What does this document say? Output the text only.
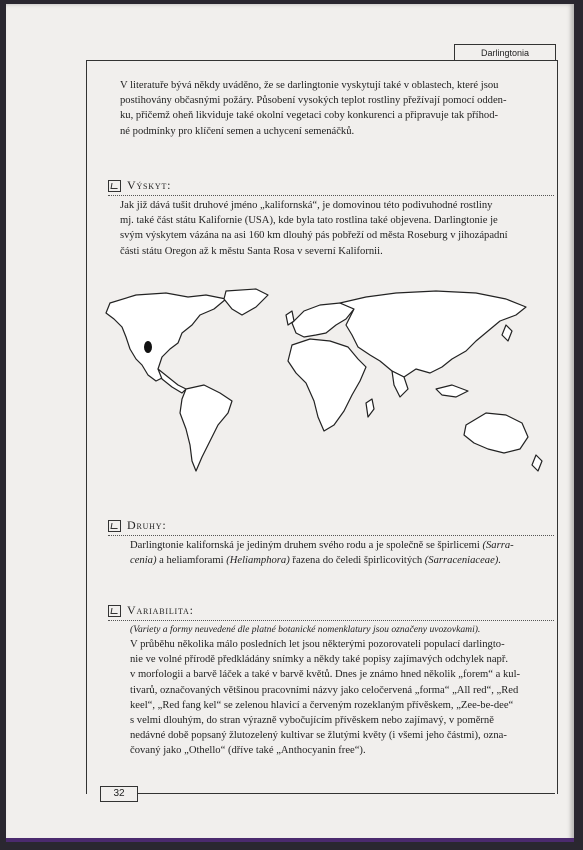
Darlingtonia
V literatuře bývá někdy uváděno, že se darlingtonie vyskytují také v oblastech, které jsou
postihovány občasnými požáry. Působení vysokých teplot rostliny přežívají pomocí odden-
ku, přičemž oheň likviduje také okolní vegetaci coby konkurenci a připravuje tak příhod-
né podmínky pro klíčení semen a uchycení semenáčků.
Výskyt:
Jak již dává tušit druhové jméno „kalifornská“, je domovinou této podivuhodné rostliny
mj. také část státu Kalifornie (USA), kde byla tato rostlina také objevena. Darlingtonie je
svým výskytem vázána na asi 160 km dlouhý pás pobřeží od města Roseburg v jihozápadní
části státu Oregon až k městu Santa Rosa v severní Kalifornii.
Druhy:
Darlingtonie kalifornská je jediným druhem svého rodu a je společně se špirlicemi (Sarra-
cenia) a heliamforami (Heliamphora) řazena do čeledi špirlicovitých (Sarraceniaceae).
Variabilita:
(Variety a formy neuvedené dle platné botanické nomenklatury jsou označeny uvozovkami).
V průběhu několika málo posledních let jsou některými pozorovateli populací darlingto-
nie ve volné přírodě předkládány snímky a někdy také popisy zajímavých odchylek např.
v morfologii a barvě láček a také v barvě květů. Dnes je známo hned několik „forem“ a kul-
tivarů, označovaných většinou pracovními názvy jako celočervená „forma“ „All red“, „Red
keel“, „Red fang kel“ se zelenou hlavicí a červeným rozeklaným přívěskem, „Zee-be-dee“
s velmi dlouhým, do stran výrazně vybočujícím přívěskem nebo zajímavý, v poměrně
nedávné době popsaný žlutozelený kultivar se žlutými květy (i všemi jeho částmi), ozna-
čovaný jako „Othello“ (dříve také „Anthocyanin free“).
32
